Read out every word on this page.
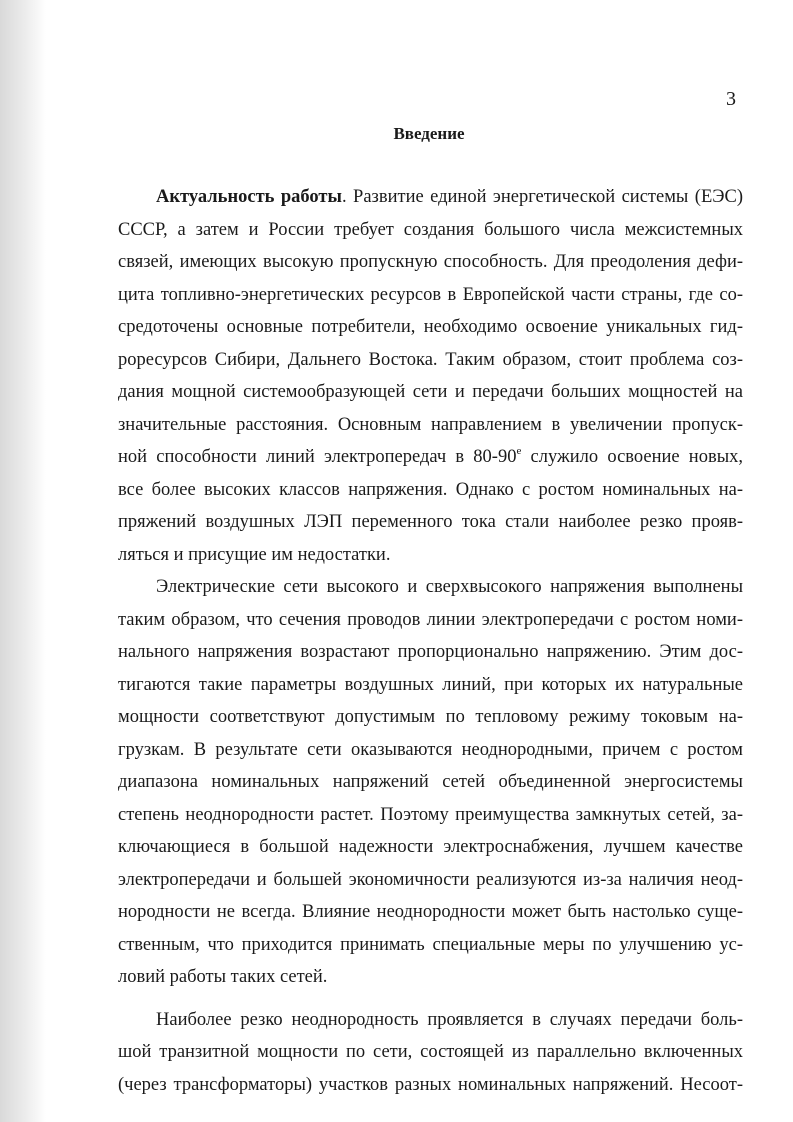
3
Введение
Актуальность работы. Развитие единой энергетической системы (ЕЭС)
СССР, а затем и России требует создания большого числа межсистемных
связей, имеющих высокую пропускную способность. Для преодоления дефи-
цита топливно-энергетических ресурсов в Европейской части страны, где со-
средоточены основные потребители, необходимо освоение уникальных гид-
роресурсов Сибири, Дальнего Востока. Таким образом, стоит проблема соз-
дания мощной системообразующей сети и передачи больших мощностей на
значительные расстояния. Основным направлением в увеличении пропуск-
ной способности линий электропередач в $80-90^е$ служило освоение новых,
все более высоких классов напряжения. Однако с ростом номинальных на-
пряжений воздушных ЛЭП переменного тока стали наиболее резко прояв-
ляться и присущие им недостатки.
Электрические сети высокого и сверхвысокого напряжения выполнены
таким образом, что сечения проводов линии электропередачи с ростом номи-
нального напряжения возрастают пропорционально напряжению. Этим дос-
тигаются такие параметры воздушных линий, при которых их натуральные
мощности соответствуют допустимым по тепловому режиму токовым на-
грузкам. В результате сети оказываются неоднородными, причем с ростом
диапазона номинальных напряжений сетей объединенной энергосистемы
степень неоднородности растет. Поэтому преимущества замкнутых сетей, за-
ключающиеся в большой надежности электроснабжения, лучшем качестве
электропередачи и большей экономичности реализуются из-за наличия неод-
нородности не всегда. Влияние неоднородности может быть настолько суще-
ственным, что приходится принимать специальные меры по улучшению ус-
ловий работы таких сетей.
Наиболее резко неоднородность проявляется в случаях передачи боль-
шой транзитной мощности по сети, состоящей из параллельно включенных
(через трансформаторы) участков разных номинальных напряжений. Несоот-
